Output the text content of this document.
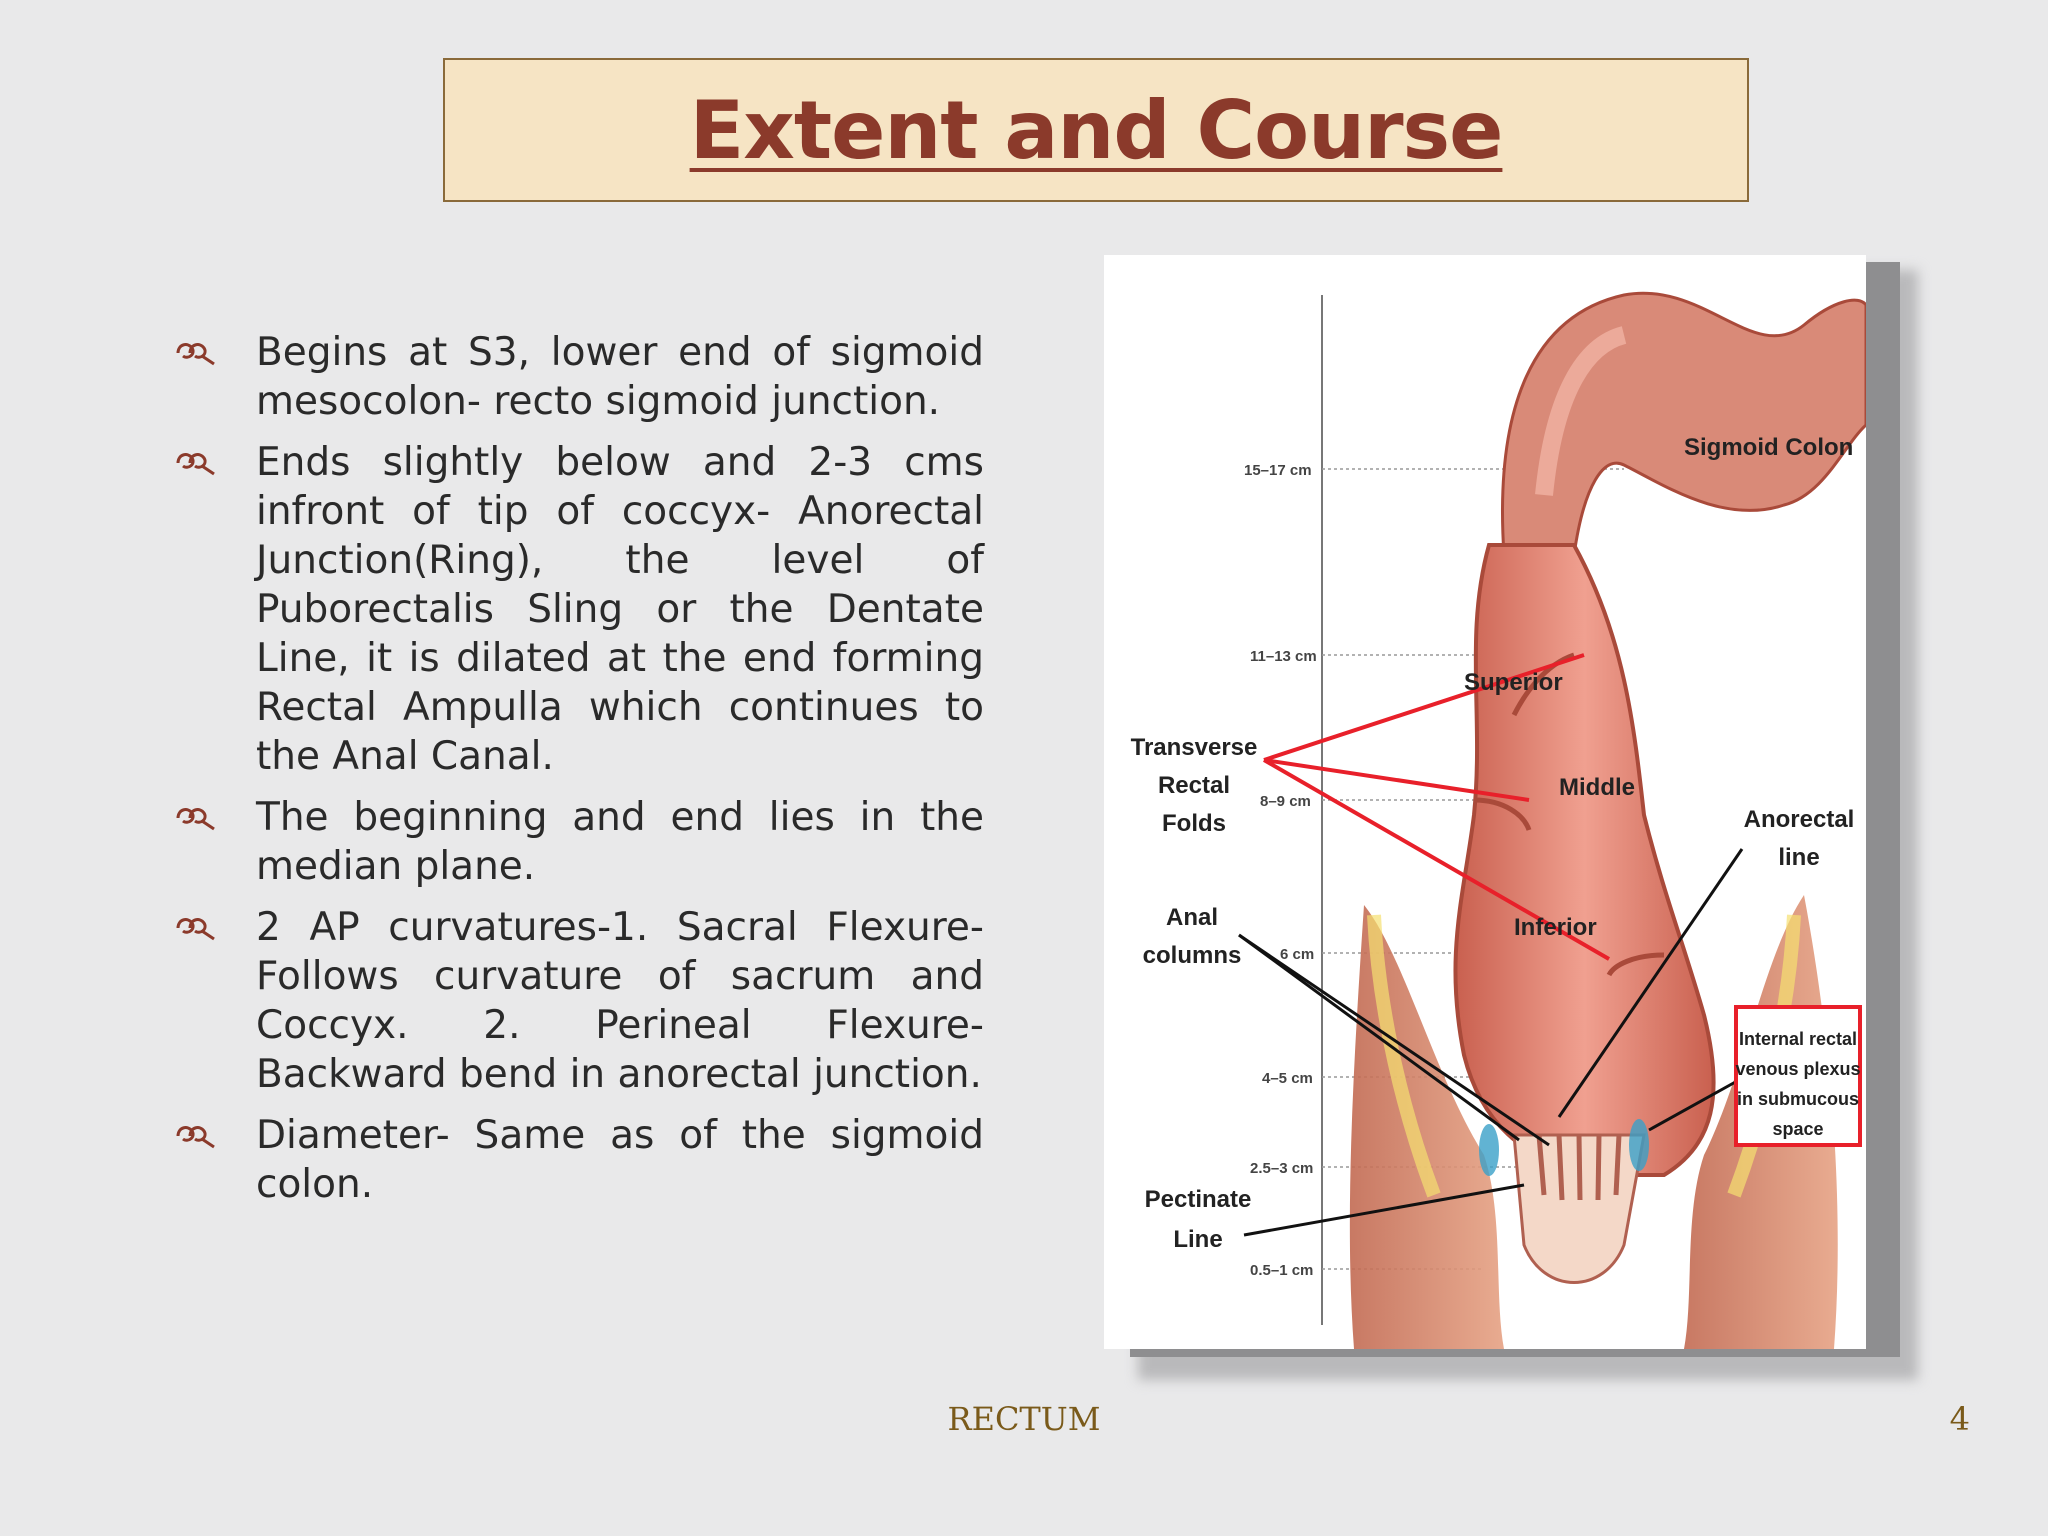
Extent and Course
Begins at S3, lower end of sigmoid mesocolon- recto sigmoid junction.
Ends slightly below and 2-3 cms infront of tip of coccyx- Anorectal Junction(Ring), the level of Puborectalis Sling or the Dentate Line, it is dilated at the end forming Rectal Ampulla which continues to the Anal Canal.
The beginning and end lies in the median plane.
2 AP curvatures-1. Sacral Flexure- Follows curvature of sacrum and Coccyx. 2. Perineal Flexure- Backward bend in anorectal junction.
Diameter- Same as of the sigmoid colon.
15–17 cm
11–13 cm
8–9 cm
6 cm
4–5 cm
2.5–3 cm
0.5–1 cm
Sigmoid Colon
Superior
Middle
Inferior
Transverse
Rectal
Folds
Anal
columns
Anorectal
line
Pectinate
Line
Internal rectal
venous plexus
in submucous
space
RECTUM	4
